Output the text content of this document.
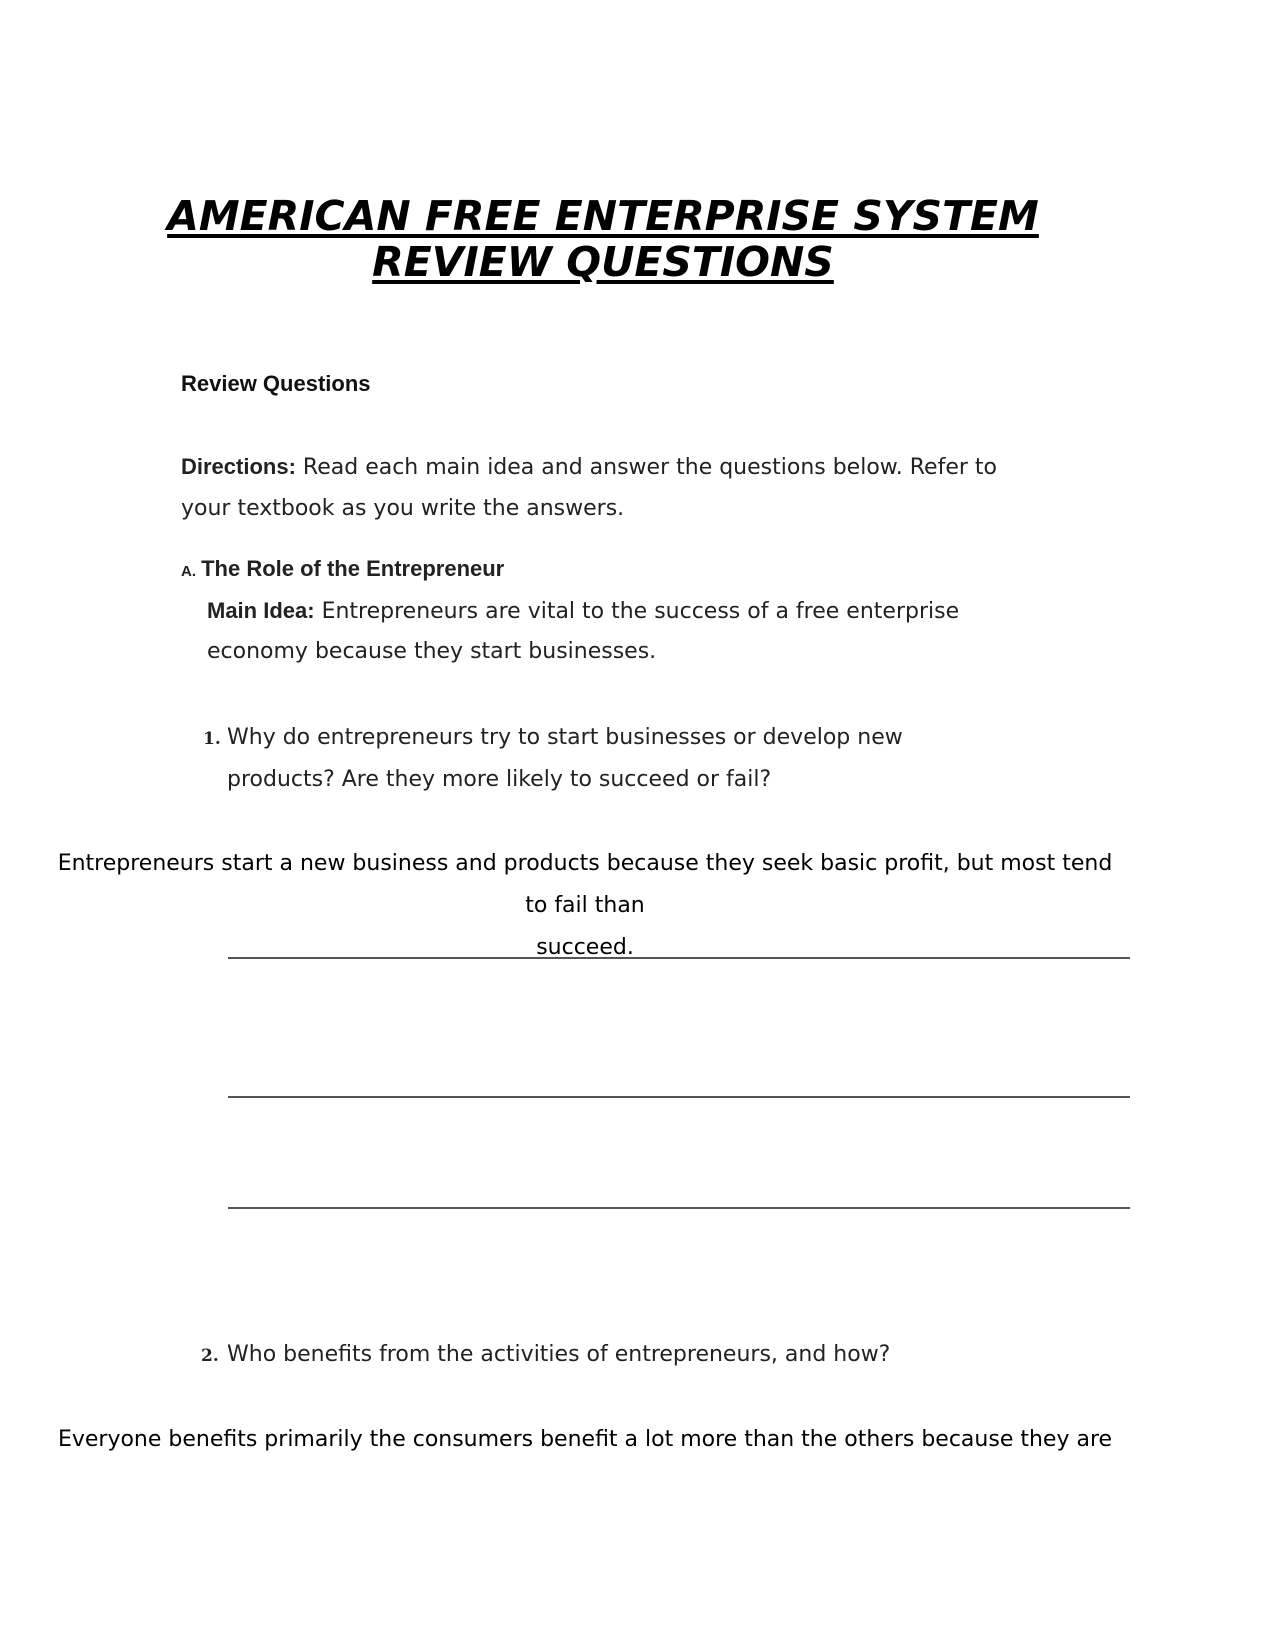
AMERICAN FREE ENTERPRISE SYSTEM
REVIEW QUESTIONS
Review Questions
Directions: Read each main idea and answer the questions below. Refer to
your textbook as you write the answers.
A. The Role of the Entrepreneur
Main Idea: Entrepreneurs are vital to the success of a free enterprise
economy because they start businesses.
1. Why do entrepreneurs try to start businesses or develop new
products? Are they more likely to succeed or fail?
Entrepreneurs start a new business and products because they seek basic profit, but most tend
to fail than
succeed.
2. Who benefits from the activities of entrepreneurs, and how?
Everyone benefits primarily the consumers benefit a lot more than the others because they are
